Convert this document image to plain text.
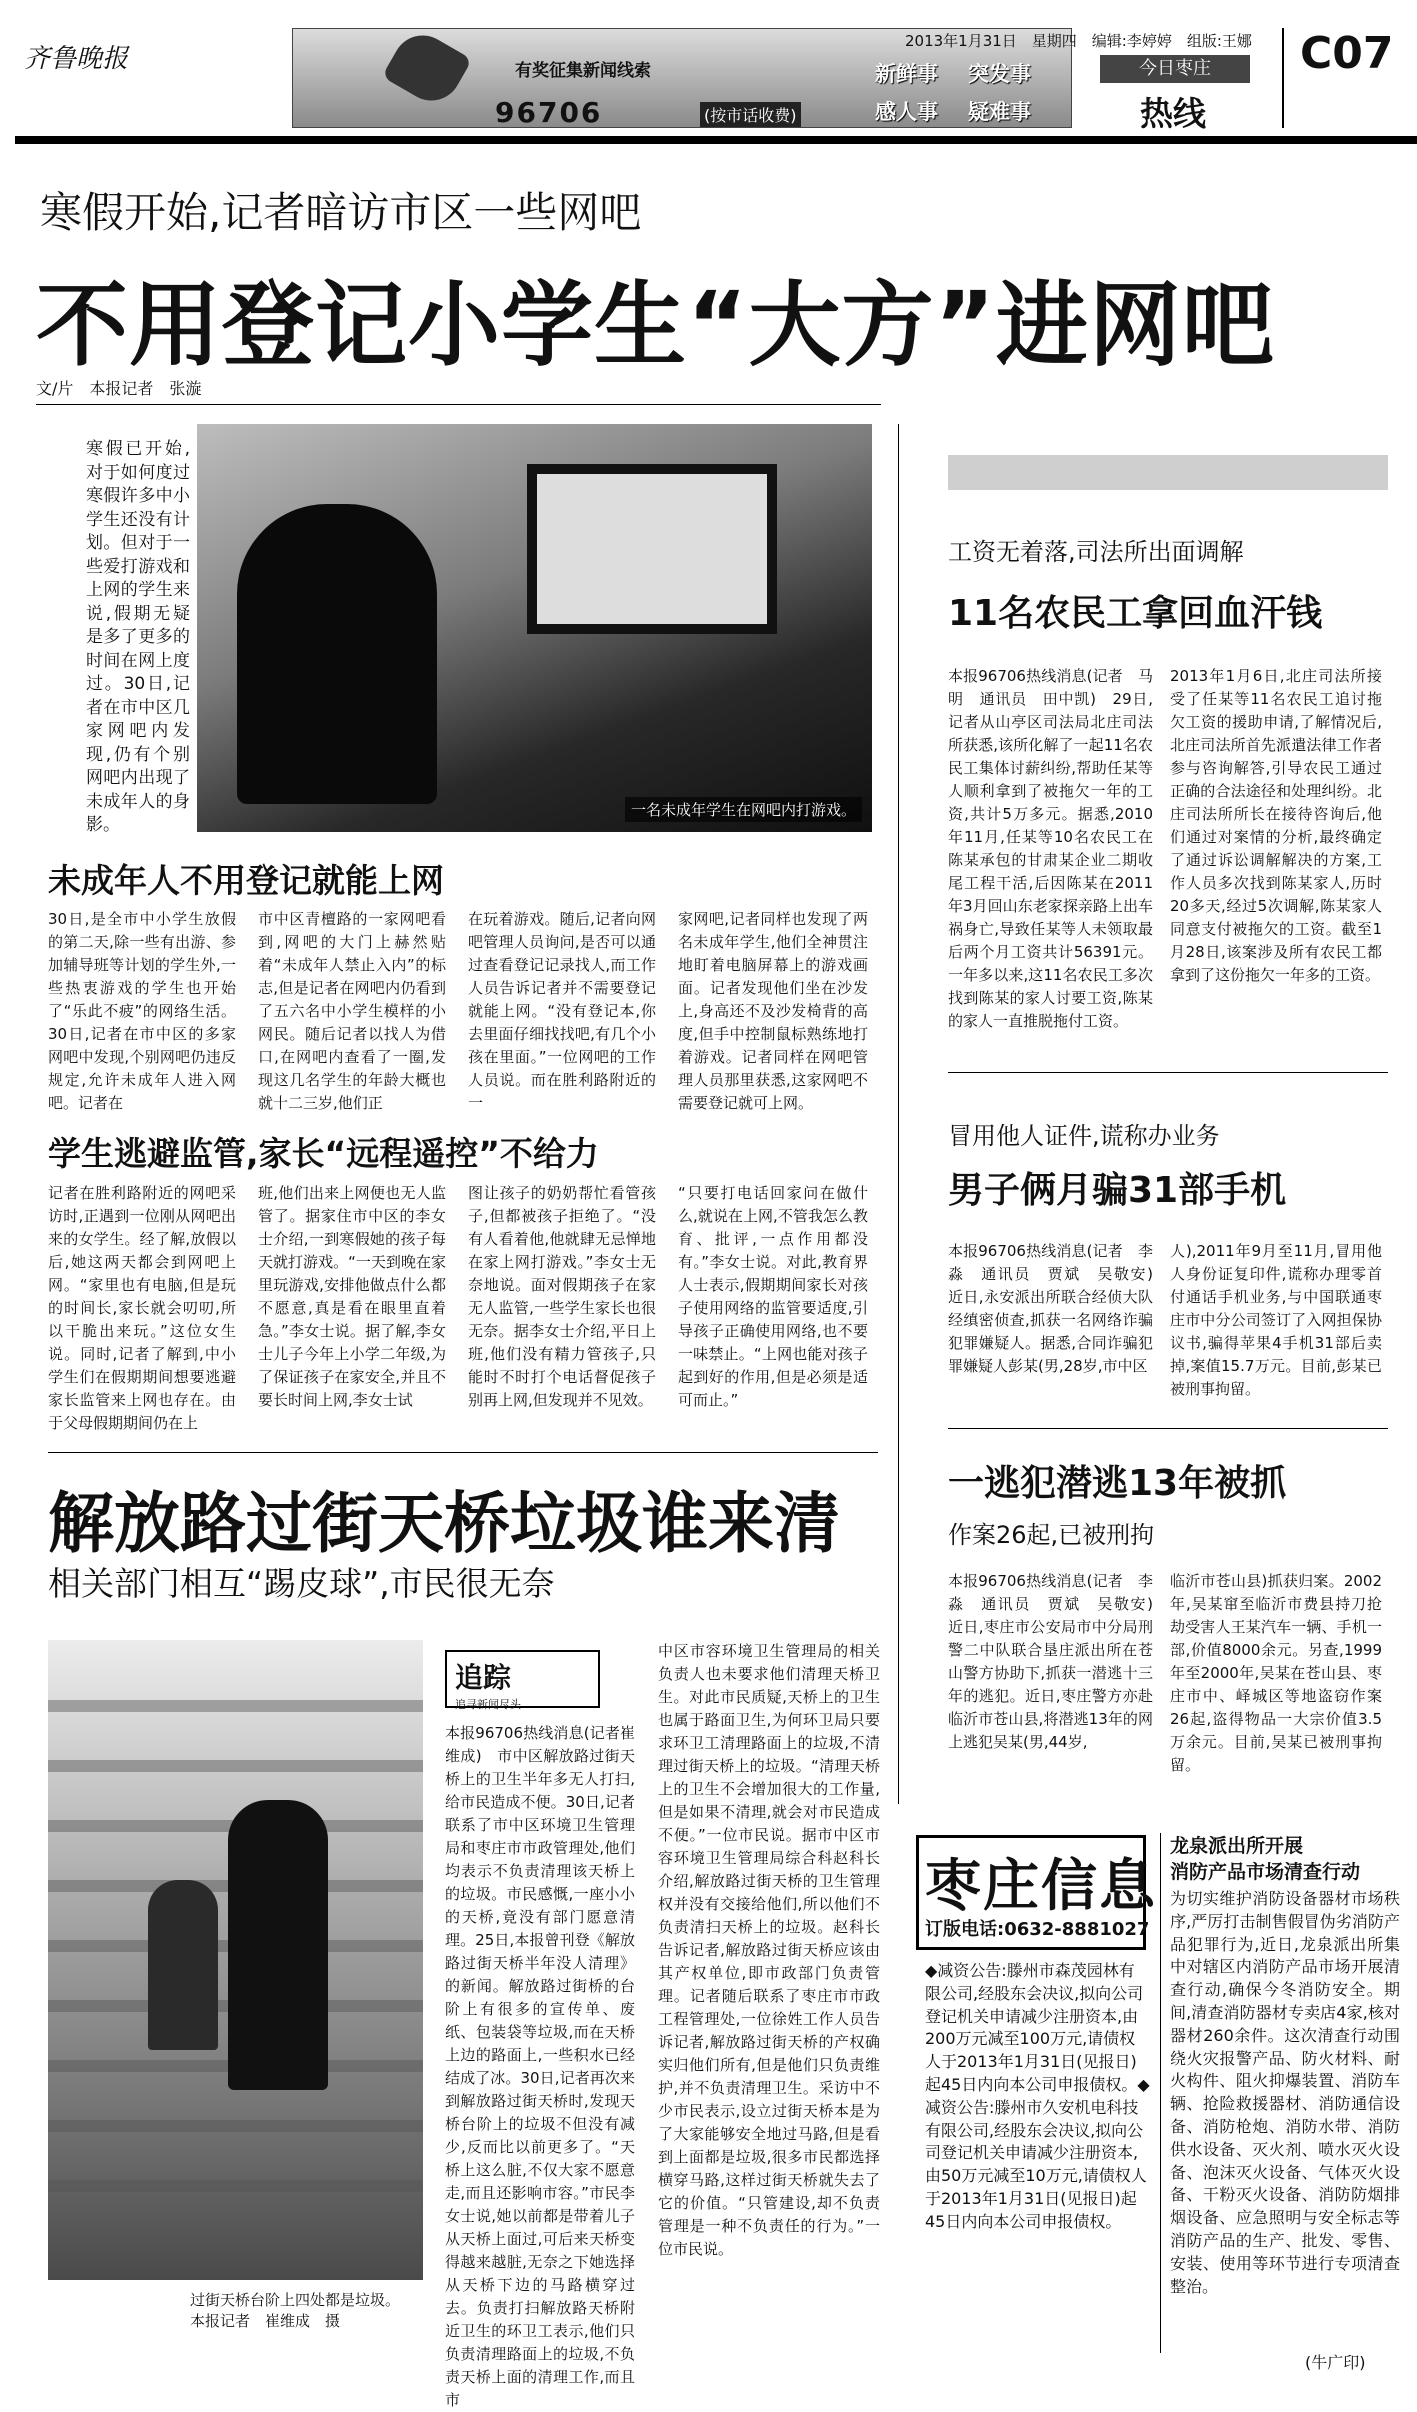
齐鲁晚报	有奖征集新闻线索
96706	(按市话收费)
新鲜事 突发事
感人事 疑难事
2013年1月31日　星期四　编辑:李婷婷　组版:王娜
今日枣庄
热线
C07
寒假开始,记者暗访市区一些网吧
不用登记小学生“大方”进网吧
文/片　本报记者　张漩
寒假已开始,对于如何度过寒假许多中小学生还没有计划。但对于一些爱打游戏和上网的学生来说,假期无疑是多了更多的时间在网上度过。30日,记者在市中区几家网吧内发现,仍有个别网吧内出现了未成年人的身影。
一名未成年学生在网吧内打游戏。
未成年人不用登记就能上网
30日,是全市中小学生放假的第二天,除一些有出游、参加辅导班等计划的学生外,一些热衷游戏的学生也开始了“乐此不疲”的网络生活。30日,记者在市中区的多家网吧中发现,个别网吧仍违反规定,允许未成年人进入网吧。记者在
市中区青檀路的一家网吧看到,网吧的大门上赫然贴着“未成年人禁止入内”的标志,但是记者在网吧内仍看到了五六名中小学生模样的小网民。随后记者以找人为借口,在网吧内查看了一圈,发现这几名学生的年龄大概也就十二三岁,他们正
在玩着游戏。随后,记者向网吧管理人员询问,是否可以通过查看登记记录找人,而工作人员告诉记者并不需要登记就能上网。“没有登记本,你去里面仔细找找吧,有几个小孩在里面。”一位网吧的工作人员说。而在胜利路附近的一
家网吧,记者同样也发现了两名未成年学生,他们全神贯注地盯着电脑屏幕上的游戏画面。记者发现他们坐在沙发上,身高还不及沙发椅背的高度,但手中控制鼠标熟练地打着游戏。记者同样在网吧管理人员那里获悉,这家网吧不需要登记就可上网。
学生逃避监管,家长“远程遥控”不给力
记者在胜利路附近的网吧采访时,正遇到一位刚从网吧出来的女学生。经了解,放假以后,她这两天都会到网吧上网。“家里也有电脑,但是玩的时间长,家长就会叨叨,所以干脆出来玩。”这位女生说。同时,记者了解到,中小学生们在假期期间想要逃避家长监管来上网也存在。由于父母假期期间仍在上
班,他们出来上网便也无人监管了。据家住市中区的李女士介绍,一到寒假她的孩子每天就打游戏。“一天到晚在家里玩游戏,安排他做点什么都不愿意,真是看在眼里直着急。”李女士说。据了解,李女士儿子今年上小学二年级,为了保证孩子在家安全,并且不要长时间上网,李女士试
图让孩子的奶奶帮忙看管孩子,但都被孩子拒绝了。“没有人看着他,他就肆无忌惮地在家上网打游戏。”李女士无奈地说。面对假期孩子在家无人监管,一些学生家长也很无奈。据李女士介绍,平日上班,他们没有精力管孩子,只能时不时打个电话督促孩子别再上网,但发现并不见效。
“只要打电话回家问在做什么,就说在上网,不管我怎么教育、批评,一点作用都没有。”李女士说。对此,教育界人士表示,假期期间家长对孩子使用网络的监管要适度,引导孩子正确使用网络,也不要一味禁止。“上网也能对孩子起到好的作用,但是必须是适可而止。”
解放路过街天桥垃圾谁来清
相关部门相互“踢皮球”,市民很无奈
过街天桥台阶上四处都是垃圾。
本报记者　崔维成　摄
追踪
追寻新闻尽头
本报96706热线消息(记者崔维成)　市中区解放路过街天桥上的卫生半年多无人打扫,给市民造成不便。30日,记者联系了市中区环境卫生管理局和枣庄市市政管理处,他们均表示不负责清理该天桥上的垃圾。市民感慨,一座小小的天桥,竟没有部门愿意清理。25日,本报曾刊登《解放路过街天桥半年没人清理》的新闻。解放路过街桥的台阶上有很多的宣传单、废纸、包装袋等垃圾,而在天桥上边的路面上,一些积水已经结成了冰。30日,记者再次来到解放路过街天桥时,发现天桥台阶上的垃圾不但没有减少,反而比以前更多了。“天桥上这么脏,不仅大家不愿意走,而且还影响市容。”市民李女士说,她以前都是带着儿子从天桥上面过,可后来天桥变得越来越脏,无奈之下她选择从天桥下边的马路横穿过去。负责打扫解放路天桥附近卫生的环卫工表示,他们只负责清理路面上的垃圾,不负责天桥上面的清理工作,而且市
中区市容环境卫生管理局的相关负责人也未要求他们清理天桥卫生。对此市民质疑,天桥上的卫生也属于路面卫生,为何环卫局只要求环卫工清理路面上的垃圾,不清理过街天桥上的垃圾。“清理天桥上的卫生不会增加很大的工作量,但是如果不清理,就会对市民造成不便。”一位市民说。据市中区市容环境卫生管理局综合科赵科长介绍,解放路过街天桥的卫生管理权并没有交接给他们,所以他们不负责清扫天桥上的垃圾。赵科长告诉记者,解放路过街天桥应该由其产权单位,即市政部门负责管理。记者随后联系了枣庄市市政工程管理处,一位徐姓工作人员告诉记者,解放路过街天桥的产权确实归他们所有,但是他们只负责维护,并不负责清理卫生。采访中不少市民表示,设立过街天桥本是为了大家能够安全地过马路,但是看到上面都是垃圾,很多市民都选择横穿马路,这样过街天桥就失去了它的价值。“只管建设,却不负责管理是一种不负责任的行为。”一位市民说。
工资无着落,司法所出面调解
11名农民工拿回血汗钱
本报96706热线消息(记者　马明　通讯员　田中凯)　29日,记者从山亭区司法局北庄司法所获悉,该所化解了一起11名农民工集体讨薪纠纷,帮助任某等人顺利拿到了被拖欠一年的工资,共计5万多元。据悉,2010年11月,任某等10名农民工在陈某承包的甘肃某企业二期收尾工程干活,后因陈某在2011年3月回山东老家探亲路上出车祸身亡,导致任某等人未领取最后两个月工资共计56391元。一年多以来,这11名农民工多次找到陈某的家人讨要工资,陈某的家人一直推脱拖付工资。
2013年1月6日,北庄司法所接受了任某等11名农民工追讨拖欠工资的援助申请,了解情况后,北庄司法所首先派遣法律工作者参与咨询解答,引导农民工通过正确的合法途径和处理纠纷。北庄司法所所长在接待咨询后,他们通过对案情的分析,最终确定了通过诉讼调解解决的方案,工作人员多次找到陈某家人,历时20多天,经过5次调解,陈某家人同意支付被拖欠的工资。截至1月28日,该案涉及所有农民工都拿到了这份拖欠一年多的工资。
冒用他人证件,谎称办业务
男子俩月骗31部手机
本报96706热线消息(记者　李淼　通讯员　贾斌　吴敬安)　近日,永安派出所联合经侦大队经缜密侦查,抓获一名网络诈骗犯罪嫌疑人。据悉,合同诈骗犯罪嫌疑人彭某(男,28岁,市中区
人),2011年9月至11月,冒用他人身份证复印件,谎称办理零首付通话手机业务,与中国联通枣庄市中分公司签订了入网担保协议书,骗得苹果4手机31部后卖掉,案值15.7万元。目前,彭某已被刑事拘留。
一逃犯潜逃13年被抓
作案26起,已被刑拘
本报96706热线消息(记者　李淼　通讯员　贾斌　吴敬安)　近日,枣庄市公安局市中分局刑警二中队联合垦庄派出所在苍山警方协助下,抓获一潜逃十三年的逃犯。近日,枣庄警方亦赴临沂市苍山县,将潜逃13年的网上逃犯吴某(男,44岁,
临沂市苍山县)抓获归案。2002年,吴某窜至临沂市费县持刀抢劫受害人王某汽车一辆、手机一部,价值8000余元。另查,1999年至2000年,吴某在苍山县、枣庄市中、峄城区等地盗窃作案26起,盗得物品一大宗价值3.5万余元。目前,吴某已被刑事拘留。
枣庄信息
订版电话:0632-8881027
◆减资公告:滕州市森茂园林有限公司,经股东会决议,拟向公司登记机关申请减少注册资本,由200万元减至100万元,请债权人于2013年1月31日(见报日)起45日内向本公司申报债权。◆减资公告:滕州市久安机电科技有限公司,经股东会决议,拟向公司登记机关申请减少注册资本,由50万元减至10万元,请债权人于2013年1月31日(见报日)起45日内向本公司申报债权。
龙泉派出所开展
消防产品市场清查行动
为切实维护消防设备器材市场秩序,严厉打击制售假冒伪劣消防产品犯罪行为,近日,龙泉派出所集中对辖区内消防产品市场开展清查行动,确保今冬消防安全。期间,清查消防器材专卖店4家,核对器材260余件。这次清查行动围绕火灾报警产品、防火材料、耐火构件、阻火抑爆装置、消防车辆、抢险救援器材、消防通信设备、消防枪炮、消防水带、消防供水设备、灭火剂、喷水灭火设备、泡沫灭火设备、气体灭火设备、干粉灭火设备、消防防烟排烟设备、应急照明与安全标志等消防产品的生产、批发、零售、安装、使用等环节进行专项清查整治。
(牛广印)
